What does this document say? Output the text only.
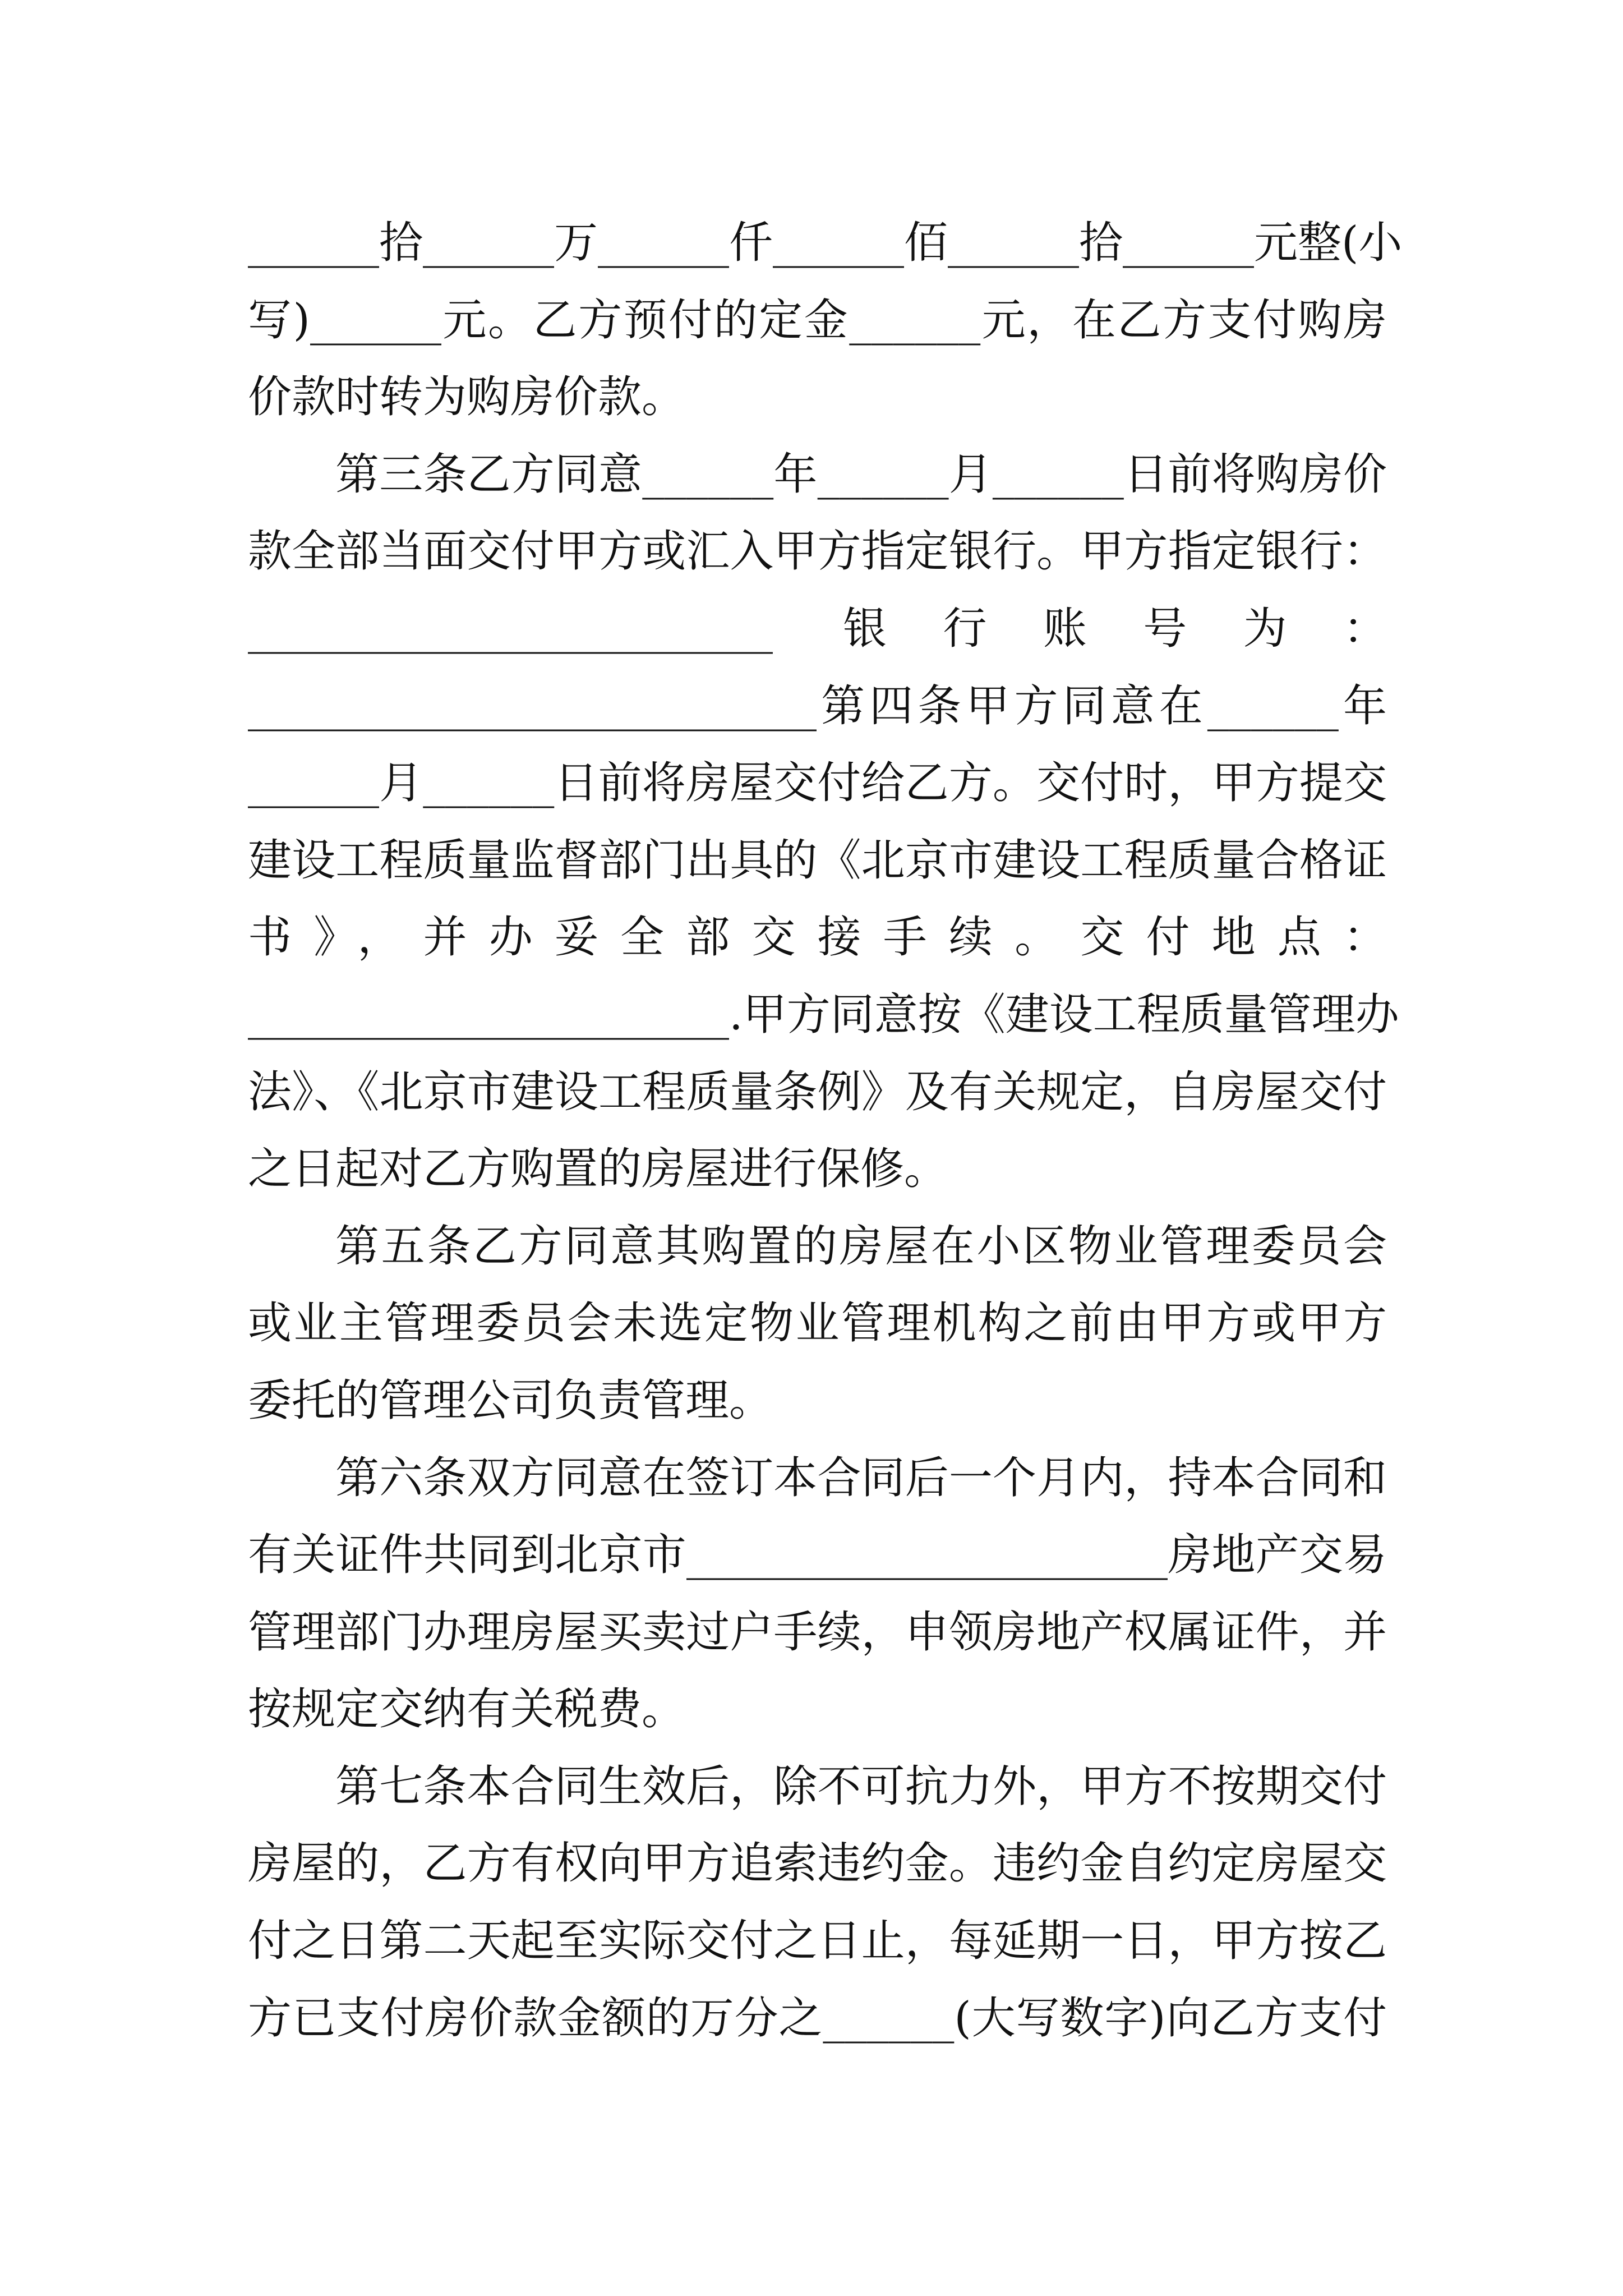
______拾______万______仟______佰______拾______元整(小
写)______元。乙方预付的定金______元，在乙方支付购房
价款时转为购房价款。
第三条乙方同意______年______月______日前将购房价
款全部当面交付甲方或汇入甲方指定银行。甲方指定银行：
________________________ 银行账号为：
__________________________第四条甲方同意在______年
______月______日前将房屋交付给乙方。交付时，甲方提交
建设工程质量监督部门出具的《北京市建设工程质量合格证
书》，并办妥全部交接手续。交付地点：
______________________.甲方同意按《建设工程质量管理办
法》、《北京市建设工程质量条例》及有关规定，自房屋交付
之日起对乙方购置的房屋进行保修。
第五条乙方同意其购置的房屋在小区物业管理委员会
或业主管理委员会未选定物业管理机构之前由甲方或甲方
委托的管理公司负责管理。
第六条双方同意在签订本合同后一个月内，持本合同和
有关证件共同到北京市______________________房地产交易
管理部门办理房屋买卖过户手续，申领房地产权属证件，并
按规定交纳有关税费。
第七条本合同生效后，除不可抗力外，甲方不按期交付
房屋的，乙方有权向甲方追索违约金。违约金自约定房屋交
付之日第二天起至实际交付之日止，每延期一日，甲方按乙
方已支付房价款金额的万分之______(大写数字)向乙方支付
